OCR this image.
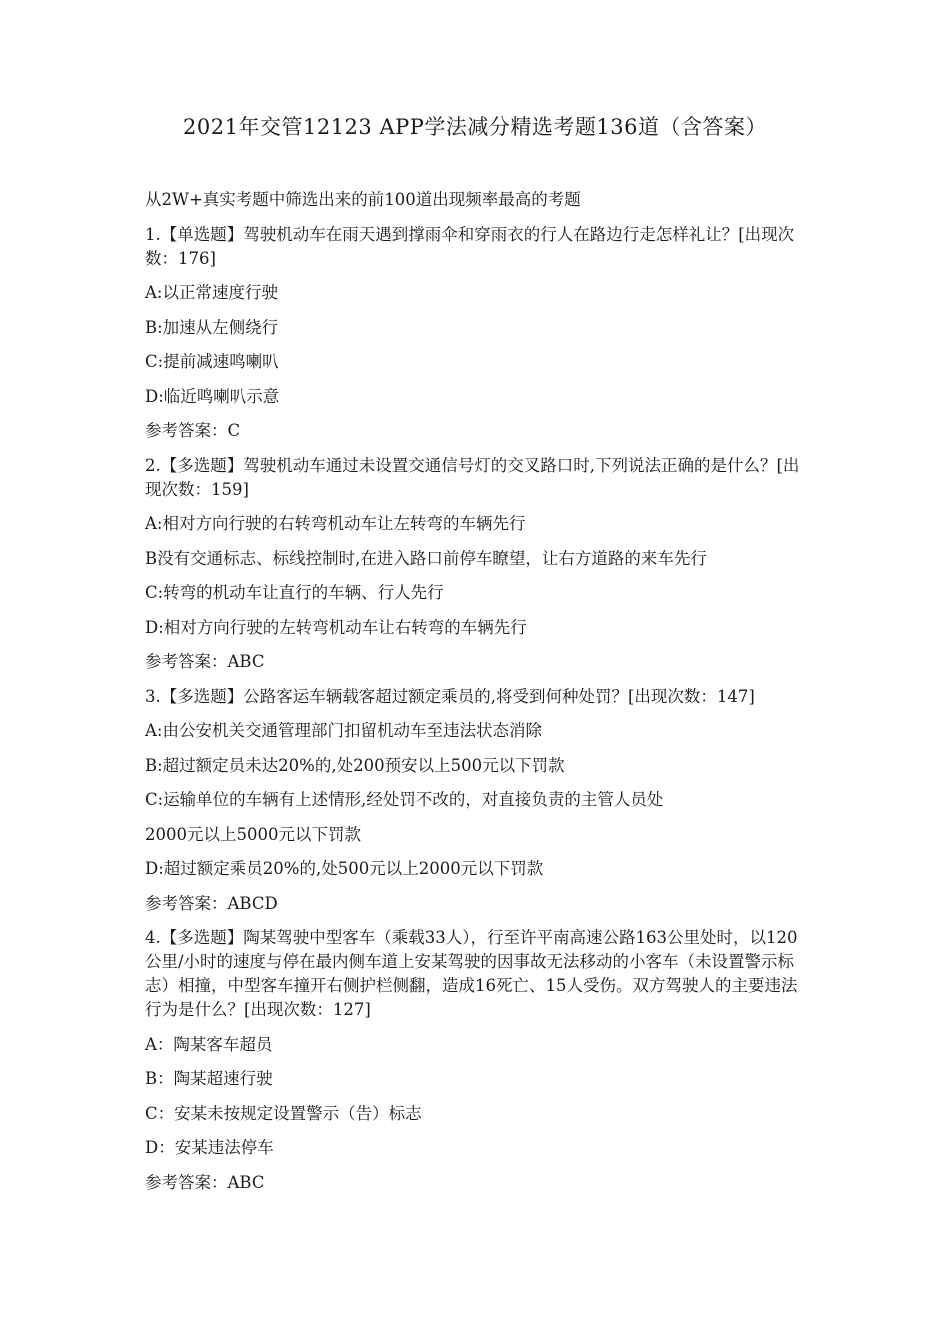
2021年交管12123 APP学法减分精选考题136道（含答案）
从2W+真实考题中筛选出来的前100道出现频率最高的考题
1.【单选题】驾驶机动车在雨天遇到撑雨伞和穿雨衣的行人在路边行走怎样礼让？[出现次数：176]
A:以正常速度行驶
B:加速从左侧绕行
C:提前减速鸣喇叭
D:临近鸣喇叭示意
参考答案：C
2.【多选题】驾驶机动车通过未设置交通信号灯的交叉路口时,下列说法正确的是什么？[出现次数：159]
A:相对方向行驶的右转弯机动车让左转弯的车辆先行
B没有交通标志、标线控制时,在进入路口前停车瞭望，让右方道路的来车先行
C:转弯的机动车让直行的车辆、行人先行
D:相对方向行驶的左转弯机动车让右转弯的车辆先行
参考答案：ABC
3.【多选题】公路客运车辆载客超过额定乘员的,将受到何种处罚？[出现次数：147]
A:由公安机关交通管理部门扣留机动车至违法状态消除
B:超过额定员未达20%的,处200预安以上500元以下罚款
C:运输单位的车辆有上述情形,经处罚不改的，对直接负责的主管人员处
2000元以上5000元以下罚款
D:超过额定乘员20%的,处500元以上2000元以下罚款
参考答案：ABCD
4.【多选题】陶某驾驶中型客车（乘载33人），行至许平南高速公路163公里处时，以120公里/小时的速度与停在最内侧车道上安某驾驶的因事故无法移动的小客车（未设置警示标志）相撞，中型客车撞开右侧护栏侧翻，造成16死亡、15人受伤。双方驾驶人的主要违法行为是什么？[出现次数：127]
A：陶某客车超员
B：陶某超速行驶
C：安某未按规定设置警示（告）标志
D：安某违法停车
参考答案：ABC
